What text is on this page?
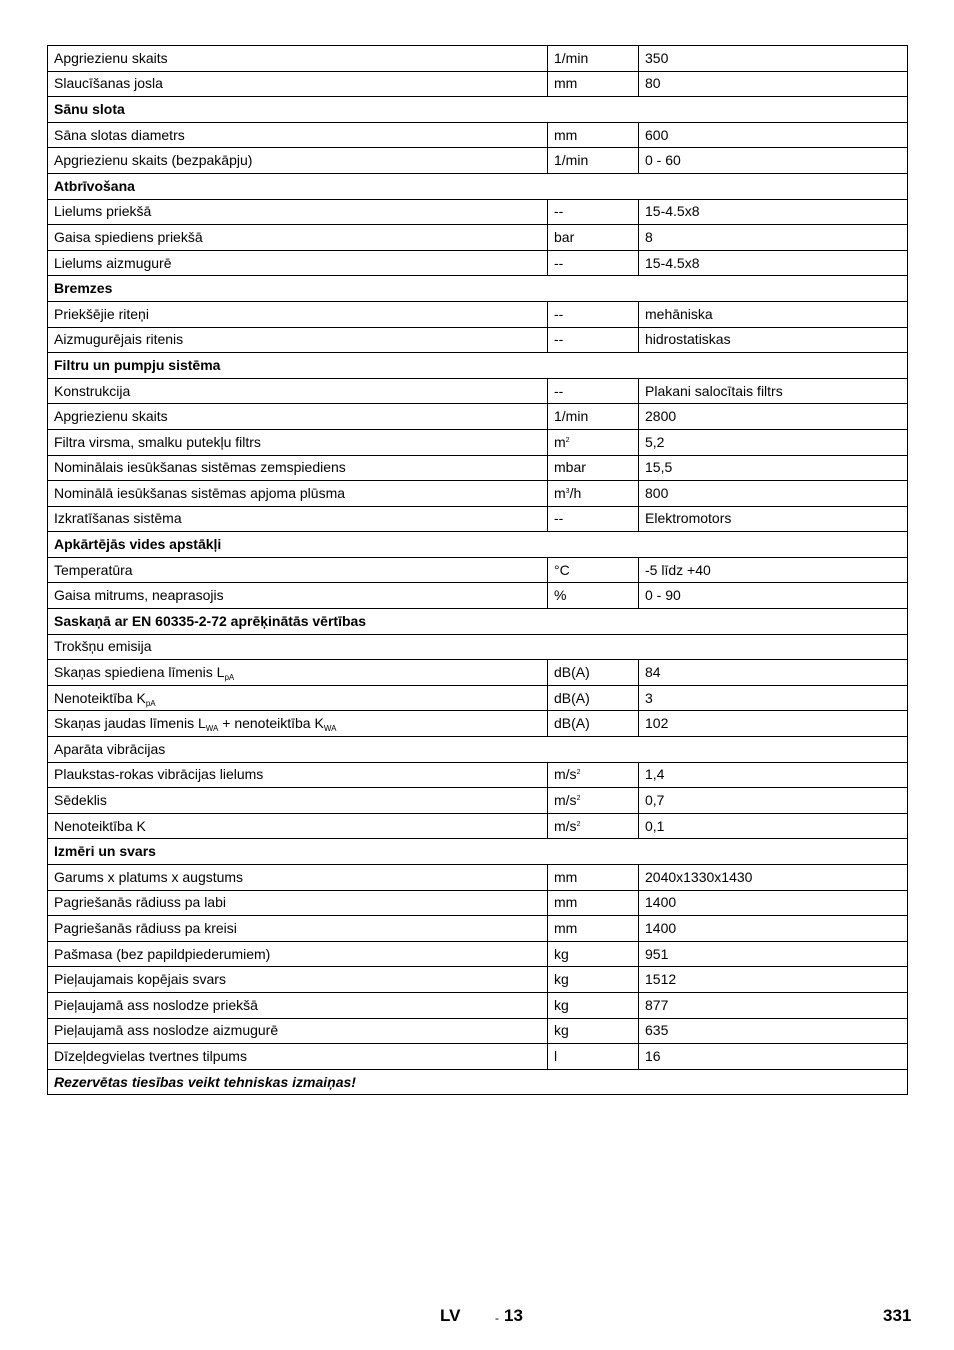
Apgriezienu skaits	1/min	350
Slaucīšanas josla	mm	80
Sānu slota		
Sāna slotas diametrs	mm	600
Apgriezienu skaits (bezpakāpju)	1/min	0 - 60
Atbrīvošana		
Lielums priekšā	--	15-4.5x8
Gaisa spiediens priekšā	bar	8
Lielums aizmugurē	--	15-4.5x8
Bremzes		
Priekšējie riteņi	--	mehāniska
Aizmugurējais ritenis	--	hidrostatiskas
Filtru un pumpju sistēma		
Konstrukcija	--	Plakani salocītais filtrs
Apgriezienu skaits	1/min	2800
Filtra virsma, smalku putekļu filtrs	$m^2$	5,2
Nominālais iesūkšanas sistēmas zemspiediens	mbar	15,5
Nominālā iesūkšanas sistēmas apjoma plūsma	$m^3/h$	800
Izkratīšanas sistēma	--	Elektromotors
Apkārtējās vides apstākļi		
Temperatūra	°C	-5 līdz +40
Gaisa mitrums, neaprasojis	%	0 - 90
Saskaņā ar EN 60335-2-72 aprēķinātās vērtības		
Trokšņu emisija		
Skaņas spiediena līmenis $L_{pA}$	dB(A)	84
Nenoteiktība $K_{pA}$	dB(A)	3
Skaņas jaudas līmenis $L_{WA}$ + nenoteiktība $K_{WA}$	dB(A)	102
Aparāta vibrācijas		
Plaukstas-rokas vibrācijas lielums	$m/s^2$	1,4
Sēdeklis	$m/s^2$	0,7
Nenoteiktība K	$m/s^2$	0,1
Izmēri un svars		
Garums x platums x augstums	mm	2040x1330x1430
Pagriešanās rādiuss pa labi	mm	1400
Pagriešanās rādiuss pa kreisi	mm	1400
Pašmasa (bez papildpiederumiem)	kg	951
Pieļaujamais kopējais svars	kg	1512
Pieļaujamā ass noslodze priekšā	kg	877
Pieļaujamā ass noslodze aizmugurē	kg	635
Dīzeļdegvielas tvertnes tilpums	l	16
Rezervētas tiesības veikt tehniskas izmaiņas!		
LV	- 13	331
